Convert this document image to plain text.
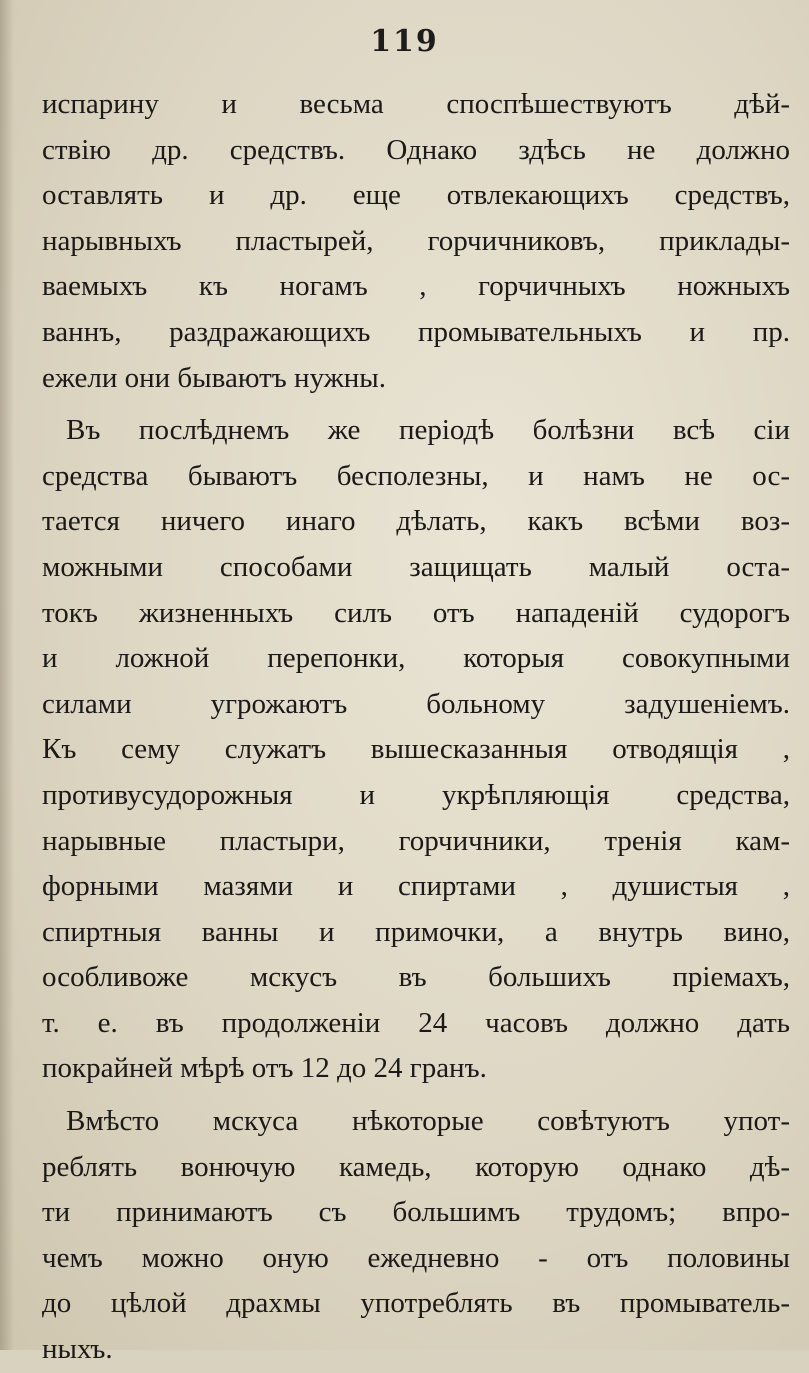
119

испарину и весьма споспѣшествуютъ дѣй-
ствію др. средствъ. Однако здѣсь не должно
оставлять и др. еще отвлекающихъ средствъ,
нарывныхъ пластырей, горчичниковъ, приклады-
ваемыхъ къ ногамъ , горчичныхъ ножныхъ
ваннъ, раздражающихъ промывательныхъ и пр.
ежели они бываютъ нужны.

Въ послѣднемъ же періодѣ болѣзни всѣ сіи
средства бываютъ бесполезны, и намъ не ос-
тается ничего инаго дѣлать, какъ всѣми воз-
можными способами защищать малый оста-
токъ жизненныхъ силъ отъ нападеній судорогъ
и ложной перепонки, которыя совокупными
силами угрожаютъ больному задушеніемъ.
Къ сему служатъ вышесказанныя отводящія ,
противусудорожныя и укрѣпляющія средства,
нарывные пластыри, горчичники, тренія кам-
форными мазями и спиртами , душистыя ,
спиртныя ванны и примочки, а внутрь вино,
особливоже мскусъ въ большихъ пріемахъ,
т. е. въ продолженіи 24 часовъ должно дать
покрайней мѣрѣ отъ 12 до 24 гранъ.

Вмѣсто мскуса нѣкоторые совѣтуютъ упот-
реблять вонючую камедь, которую однако дѣ-
ти принимаютъ съ большимъ трудомъ; впро-
чемъ можно оную ежедневно - отъ половины
до цѣлой драхмы употреблять въ промыватель-
ныхъ.
